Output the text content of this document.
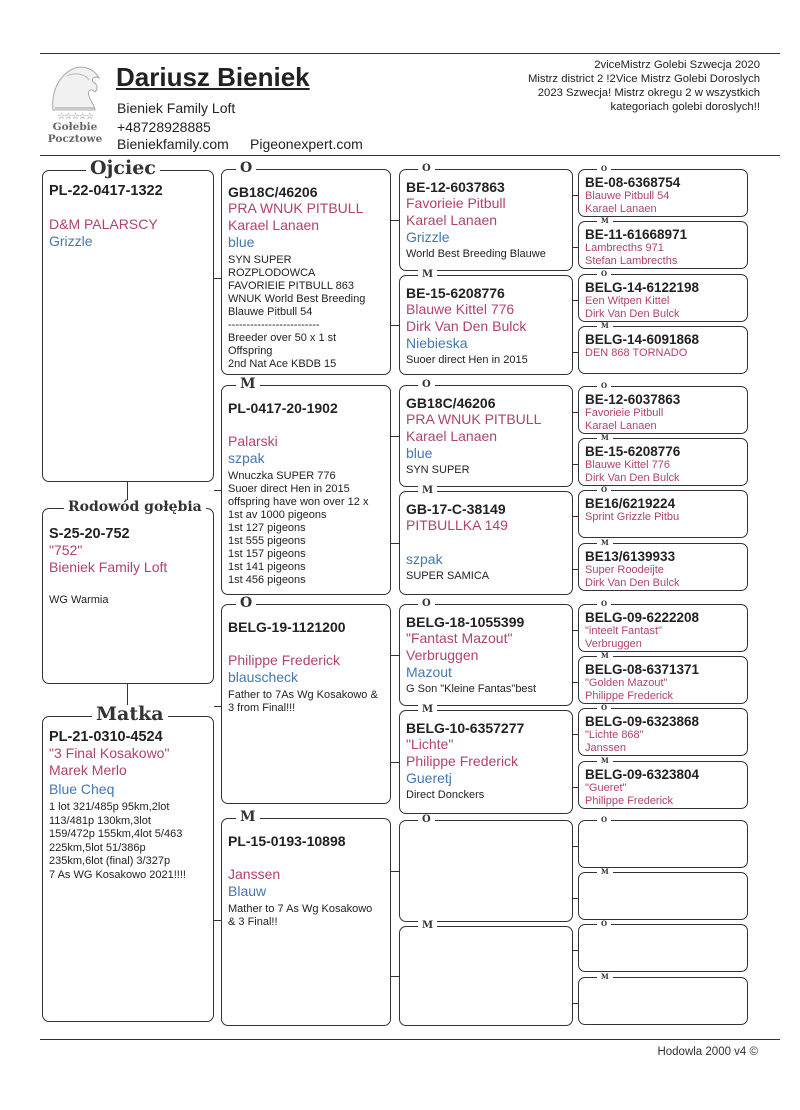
☆☆☆☆☆
Gołebie
Pocztowe
Dariusz Bieniek
Bieniek Family Loft
+48728928885
Bieniekfamily.com Pigeonexpert.com
2viceMistrz Golebi Szwecja 2020
Mistrz district 2 !2Vice Mistrz Golebi Doroslych
2023 Szwecja! Mistrz okregu 2 w wszystkich
kategoriach golebi doroslych!!
PL-22-0417-1322
D&M PALARSCY
Grizzle
Ojciec
S-25-20-752
"752"
Bieniek Family Loft
WG Warmia
Rodowód gołębia
PL-21-0310-4524
"3 Final Kosakowo"
Marek Merlo
Blue Cheq
1 lot 321/485p 95km,2lot
113/481p 130km,3lot
159/472p 155km,4lot 5/463
225km,5lot 51/386p
235km,6lot (final) 3/327p
7 As WG Kosakowo 2021!!!!
Matka
GB18C/46206
PRA WNUK PITBULL
Karael Lanaen
blue
SYN SUPER
ROZPLODOWCA
FAVORIEIE PITBULL 863
WNUK World Best Breeding
Blauwe Pitbull 54
-------------------------
Breeder over 50 x 1 st
Offspring
2nd Nat Ace KBDB 15
O
PL-0417-20-1902
Palarski
szpak
Wnuczka SUPER 776
Suoer direct Hen in 2015
offspring have won over 12 x
1st av 1000 pigeons
1st 127 pigeons
1st 555 pigeons
1st 157 pigeons
1st 141 pigeons
1st 456 pigeons
M
BELG-19-1121200
Philippe Frederick
blauscheck
Father to 7As Wg Kosakowo &
3 from Final!!!
O
PL-15-0193-10898
Janssen
Blauw
Mather to 7 As Wg Kosakowo
& 3 Final!!
M
BE-12-6037863
Favorieie Pitbull
Karael Lanaen
Grizzle
World Best Breeding Blauwe
O
BE-15-6208776
Blauwe Kittel 776
Dirk Van Den Bulck
Niebieska
Suoer direct Hen in 2015
M
GB18C/46206
PRA WNUK PITBULL
Karael Lanaen
blue
SYN SUPER
O
GB-17-C-38149
PITBULLKA 149
szpak
SUPER SAMICA
M
BELG-18-1055399
"Fantast Mazout"
Verbruggen
Mazout
G Son "Kleine Fantas"best
O
BELG-10-6357277
"Lichte"
Philippe Frederick
Gueretj
Direct Donckers
M
O
M
BE-08-6368754
Blauwe Pitbull 54
Karael Lanaen
O
BE-11-61668971
Lambrecths 971
Stefan Lambrecths
M
BELG-14-6122198
Een Witpen Kittel
Dirk Van Den Bulck
O
BELG-14-6091868
DEN 868 TORNADO
M
BE-12-6037863
Favorieie Pitbull
Karael Lanaen
O
BE-15-6208776
Blauwe Kittel 776
Dirk Van Den Bulck
M
BE16/6219224
Sprint Grizzle Pitbu
O
BE13/6139933
Super Roodeijte
Dirk Van Den Bulck
M
BELG-09-6222208
"inteelt Fantast"
Verbruggen
O
BELG-08-6371371
"Golden Mazout"
Philippe Frederick
M
BELG-09-6323868
"Lichte 868"
Janssen
O
BELG-09-6323804
"Gueret"
Philippe Frederick
M
O
M
O
M
Hodowla 2000 v4 ©
